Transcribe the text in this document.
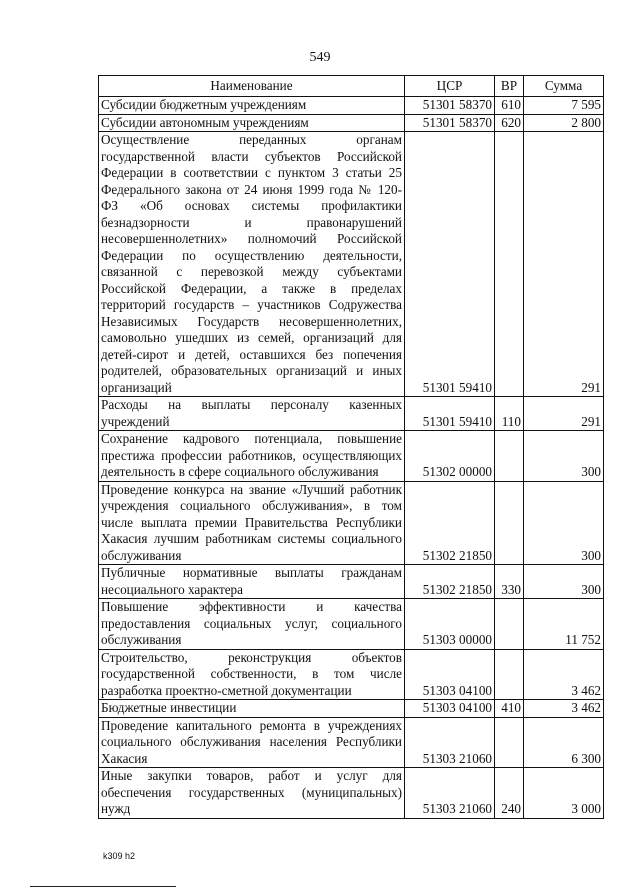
549
Наименование	ЦСР	ВР	Сумма
Субсидии бюджетным учреждениям	51301 58370	610	7 595
Субсидии автономным учреждениям	51301 58370	620	2 800
Осуществление переданных органам государственной власти субъектов Российской Федерации в соответствии с пунктом 3 статьи 25 Федерального закона от 24 июня 1999 года № 120-ФЗ «Об основах системы профилактики безнадзорности и правонарушений несовершеннолетних» полномочий Российской Федерации по осуществлению деятельности, связанной с перевозкой между субъектами Российской Федерации, а также в пределах территорий государств – участников Содружества Независимых Государств несовершеннолетних, самовольно ушедших из семей, организаций для детей-сирот и детей, оставшихся без попечения родителей, образовательных организаций и иных организаций	51301 59410		291
Расходы на выплаты персоналу казенных учреждений	51301 59410	110	291
Сохранение кадрового потенциала, повышение престижа профессии работников, осуществляющих деятельность в сфере социального обслуживания	51302 00000		300
Проведение конкурса на звание «Лучший работник учреждения социального обслуживания», в том числе выплата премии Правительства Республики Хакасия лучшим работникам системы социального обслуживания	51302 21850		300
Публичные нормативные выплаты гражданам несоциального характера	51302 21850	330	300
Повышение эффективности и качества предоставления социальных услуг, социального обслуживания	51303 00000		11 752
Строительство, реконструкция объектов государственной собственности, в том числе разработка проектно-сметной документации	51303 04100		3 462
Бюджетные инвестиции	51303 04100	410	3 462
Проведение капитального ремонта в учреждениях социального обслуживания населения Республики Хакасия	51303 21060		6 300
Иные закупки товаров, работ и услуг для обеспечения государственных (муниципальных) нужд	51303 21060	240	3 000
k309 h2
